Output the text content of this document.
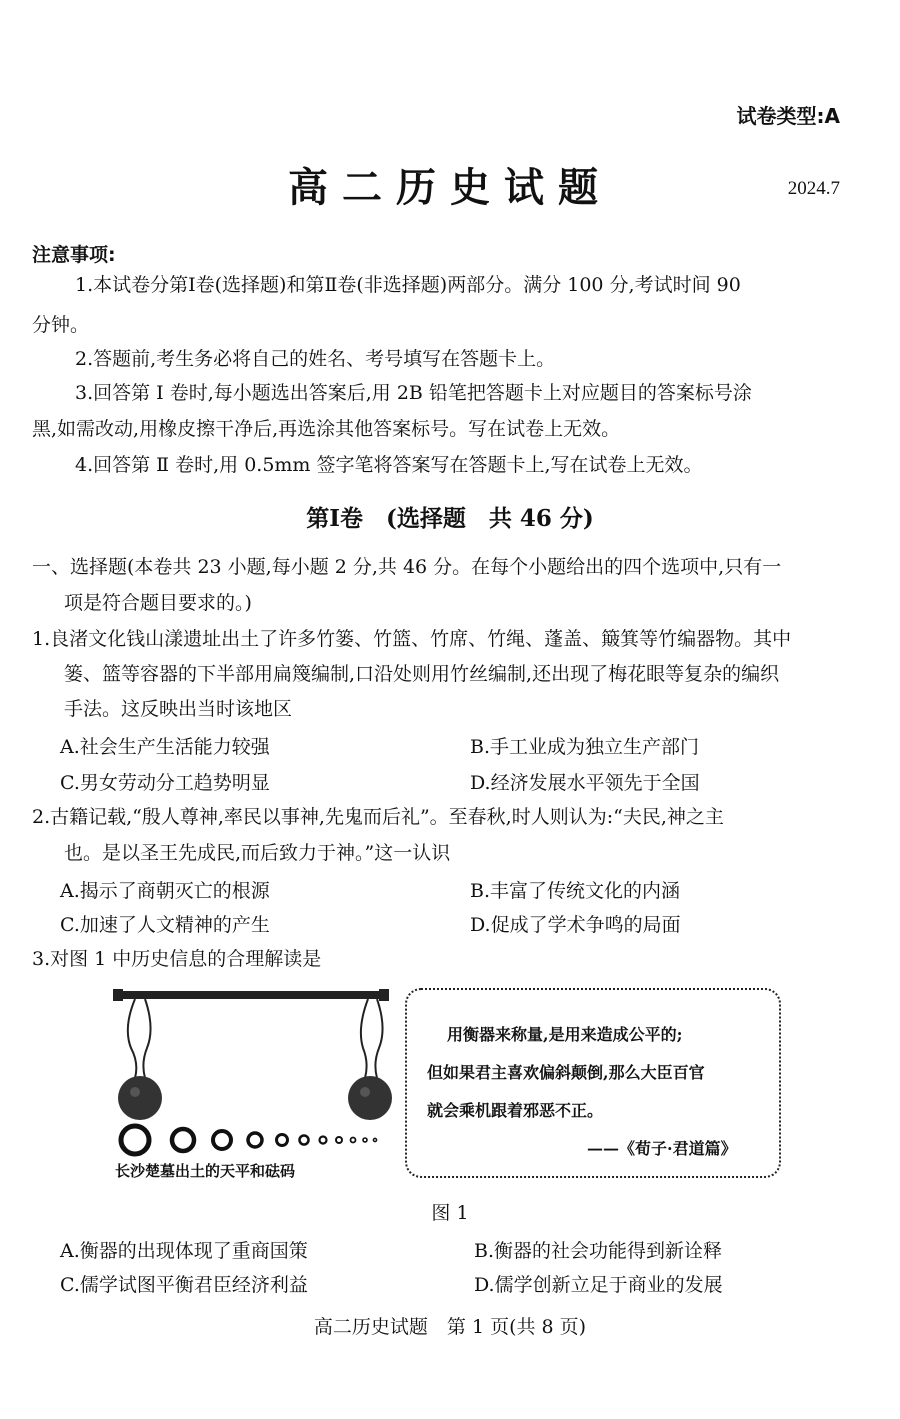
试卷类型:A
高二历史试题	2024.7
注意事项:
1.本试卷分第Ⅰ卷(选择题)和第Ⅱ卷(非选择题)两部分。满分 100 分,考试时间 90
分钟。
2.答题前,考生务必将自己的姓名、考号填写在答题卡上。
3.回答第 Ⅰ 卷时,每小题选出答案后,用 2B 铅笔把答题卡上对应题目的答案标号涂
黑,如需改动,用橡皮擦干净后,再选涂其他答案标号。写在试卷上无效。
4.回答第 Ⅱ 卷时,用 0.5mm 签字笔将答案写在答题卡上,写在试卷上无效。
第Ⅰ卷　(选择题　共 46 分)
一、选择题(本卷共 23 小题,每小题 2 分,共 46 分。在每个小题给出的四个选项中,只有一
项是符合题目要求的。)
1.良渚文化钱山漾遗址出土了许多竹篓、竹篮、竹席、竹绳、蓬盖、簸箕等竹编器物。其中
篓、篮等容器的下半部用扁篾编制,口沿处则用竹丝编制,还出现了梅花眼等复杂的编织
手法。这反映出当时该地区
A.社会生产生活能力较强	B.手工业成为独立生产部门
C.男女劳动分工趋势明显	D.经济发展水平领先于全国
2.古籍记载,“殷人尊神,率民以事神,先鬼而后礼”。至春秋,时人则认为:“夫民,神之主
也。是以圣王先成民,而后致力于神。”这一认识
A.揭示了商朝灭亡的根源	B.丰富了传统文化的内涵
C.加速了人文精神的产生	D.促成了学术争鸣的局面
3.对图 1 中历史信息的合理解读是
长沙楚墓出土的天平和砝码
用衡器来称量,是用来造成公平的;
但如果君主喜欢偏斜颠倒,那么大臣百官
就会乘机跟着邪恶不正。
——《荀子·君道篇》
图 1
A.衡器的出现体现了重商国策	B.衡器的社会功能得到新诠释
C.儒学试图平衡君臣经济利益	D.儒学创新立足于商业的发展
高二历史试题　第 1 页(共 8 页)
